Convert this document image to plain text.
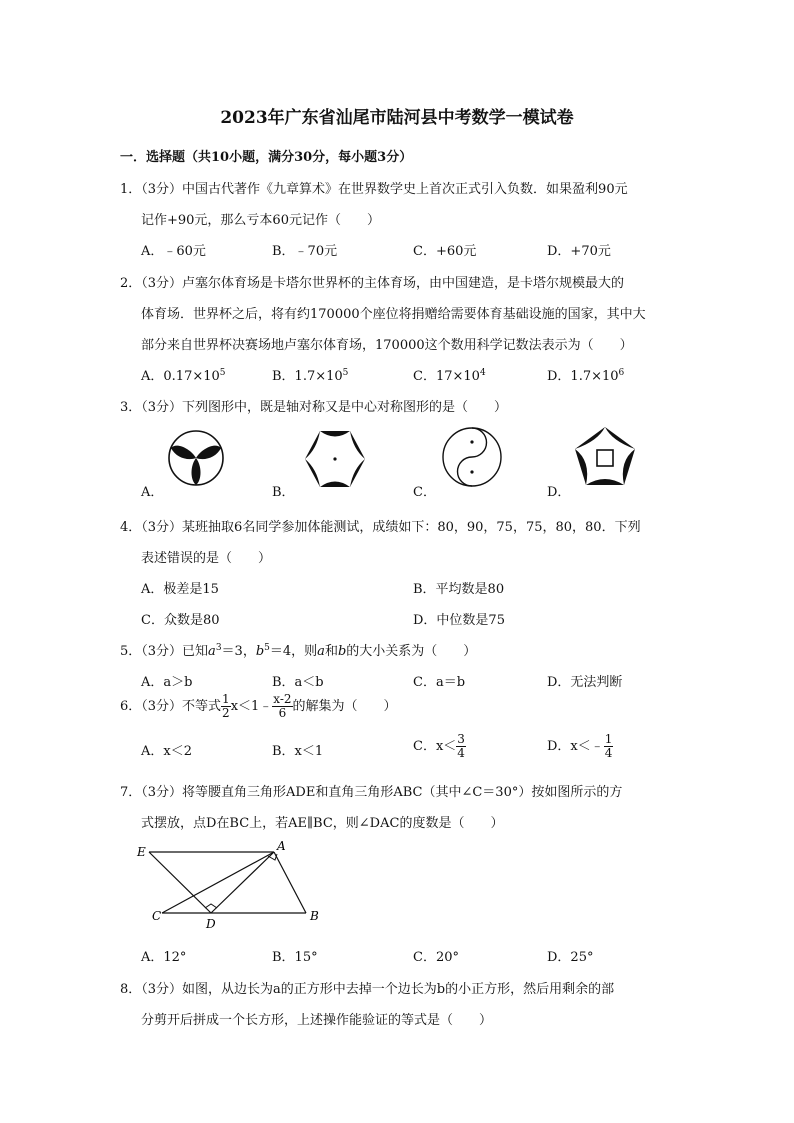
2023年广东省汕尾市陆河县中考数学一模试卷
一．选择题（共10小题，满分30分，每小题3分）
1．（3分）中国古代著作《九章算术》在世界数学史上首次正式引入负数．如果盈利90元
记作+90元，那么亏本60元记作（　　）
A．﹣60元	B．﹣70元	C．+60元	D．+70元
2．（3分）卢塞尔体育场是卡塔尔世界杯的主体育场，由中国建造，是卡塔尔规模最大的
体育场．世界杯之后，将有约170000个座位将捐赠给需要体育基础设施的国家，其中大
部分来自世界杯决赛场地卢塞尔体育场，170000这个数用科学记数法表示为（　　）
A．$0.17\times 10^5$	B．$1.7\times 10^5$	C．$17\times 10^4$	D．$1.7\times 10^6$
3．（3分）下列图形中，既是轴对称又是中心对称图形的是（　　）
A．	B．	C．	D．
4．（3分）某班抽取6名同学参加体能测试，成绩如下：80，90，75，75，80，80．下列
表述错误的是（　　）
A．极差是15	B．平均数是80
C．众数是80	D．中位数是75
5．（3分）已知$a^3=3$，$b^5=4$，则a和b的大小关系为（　　）
A．a＞b	B．a＜b	C．a＝b	D．无法判断
6．（3分）不等式 $\frac{1}{2}$ x＜1﹣ $\frac{x-2}{6}$ 的解集为（　　）
A．x＜2	B．x＜1	C．$x< \frac{3}{4}$	D．x＜﹣ $\frac{1}{4}$
7．（3分）将等腰直角三角形ADE和直角三角形ABC（其中∠C＝30°）按如图所示的方
式摆放，点D在BC上，若AE∥BC，则∠DAC的度数是（　　）
E	A
C
D
B
A．12°	B．15°	C．20°	D．25°
8．（3分）如图，从边长为a的正方形中去掉一个边长为b的小正方形，然后用剩余的部
分剪开后拼成一个长方形，上述操作能验证的等式是（　　）
